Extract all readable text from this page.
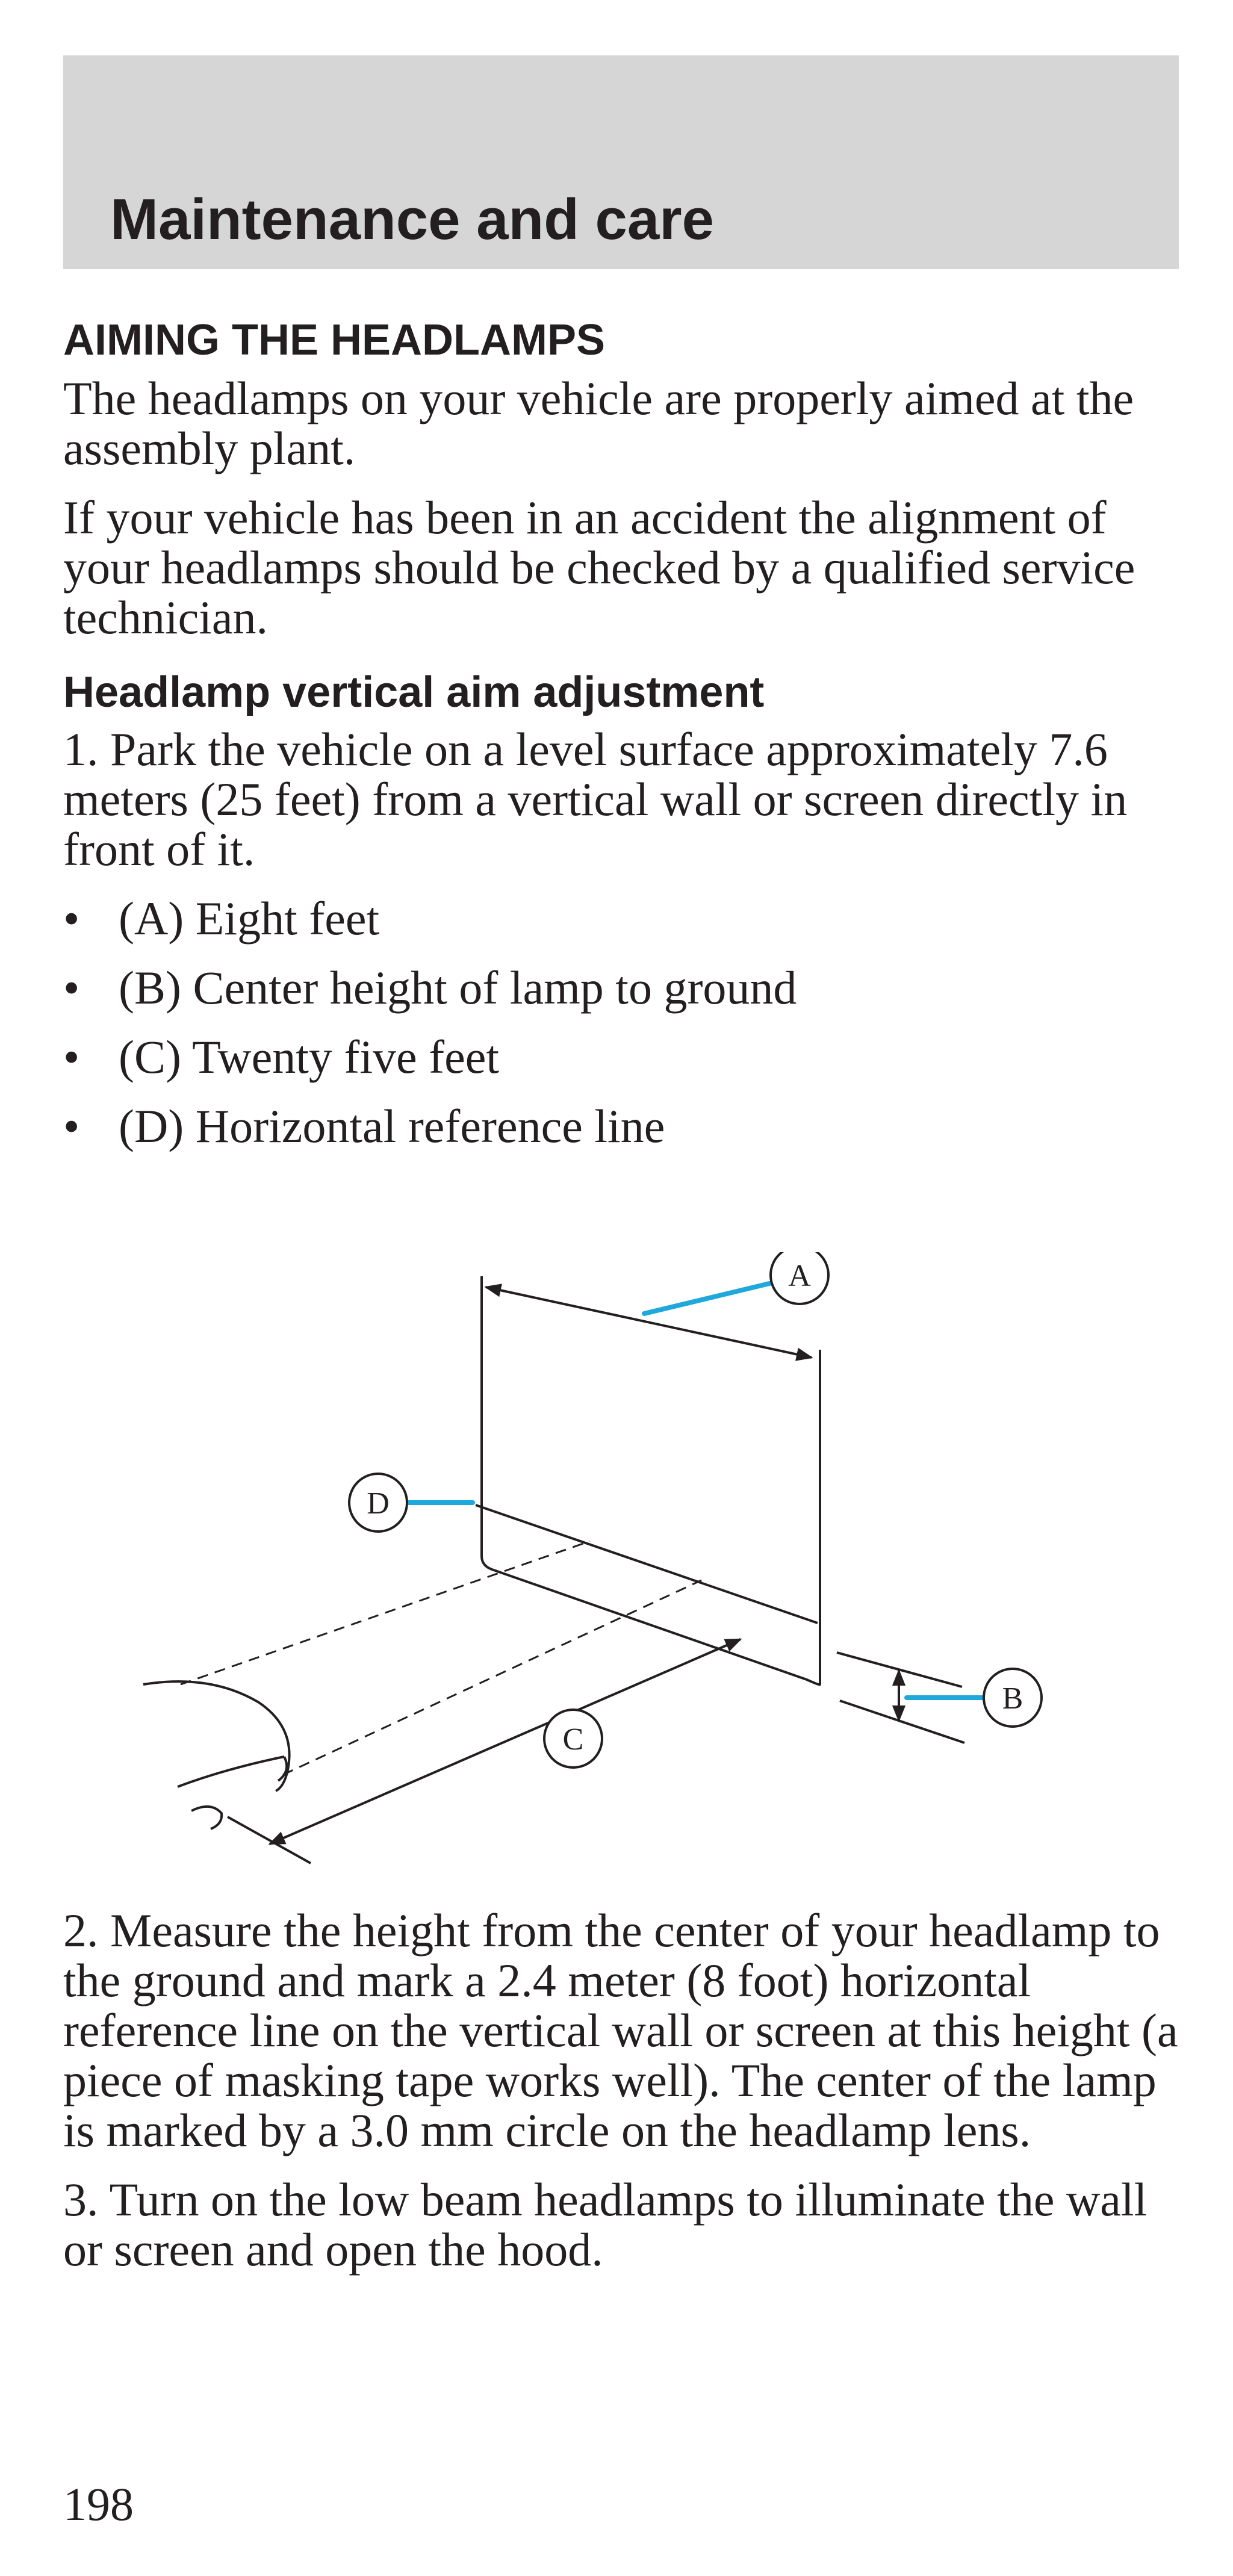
Maintenance and care
AIMING THE HEADLAMPS

The headlamps on your vehicle are properly aimed at the assembly plant.

If your vehicle has been in an accident the alignment of your headlamps should be checked by a qualified service technician.

Headlamp vertical aim adjustment

1. Park the vehicle on a level surface approximately 7.6 meters (25 feet) from a vertical wall or screen directly in front of it.

• (A) Eight feet
• (B) Center height of lamp to ground
• (C) Twenty five feet
• (D) Horizontal reference line
A
D
B
C

2. Measure the height from the center of your headlamp to the ground and mark a 2.4 meter (8 foot) horizontal reference line on the vertical wall or screen at this height (a piece of masking tape works well). The center of the lamp is marked by a 3.0 mm circle on the headlamp lens.

3. Turn on the low beam headlamps to illuminate the wall or screen and open the hood.

198
